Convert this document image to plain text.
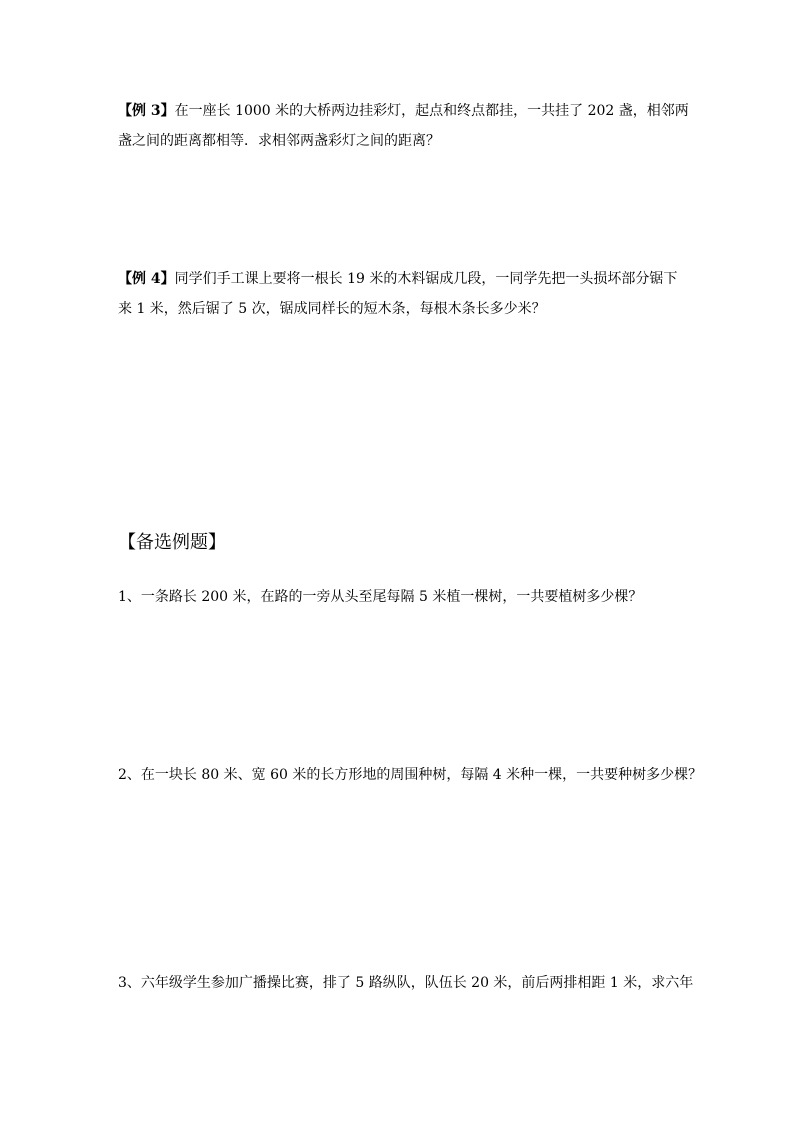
【例 3】在一座长 1000 米的大桥两边挂彩灯，起点和终点都挂，一共挂了 202 盏，相邻两
盏之间的距离都相等．求相邻两盏彩灯之间的距离？
【例 4】同学们手工课上要将一根长 19 米的木料锯成几段，一同学先把一头损坏部分锯下
来 1 米，然后锯了 5 次，锯成同样长的短木条，每根木条长多少米？
【备选例题】
1、一条路长 200 米，在路的一旁从头至尾每隔 5 米植一棵树，一共要植树多少棵？
2、在一块长 80 米、宽 60 米的长方形地的周围种树，每隔 4 米种一棵，一共要种树多少棵？
3、六年级学生参加广播操比赛，排了 5 路纵队，队伍长 20 米，前后两排相距 1 米，求六年
